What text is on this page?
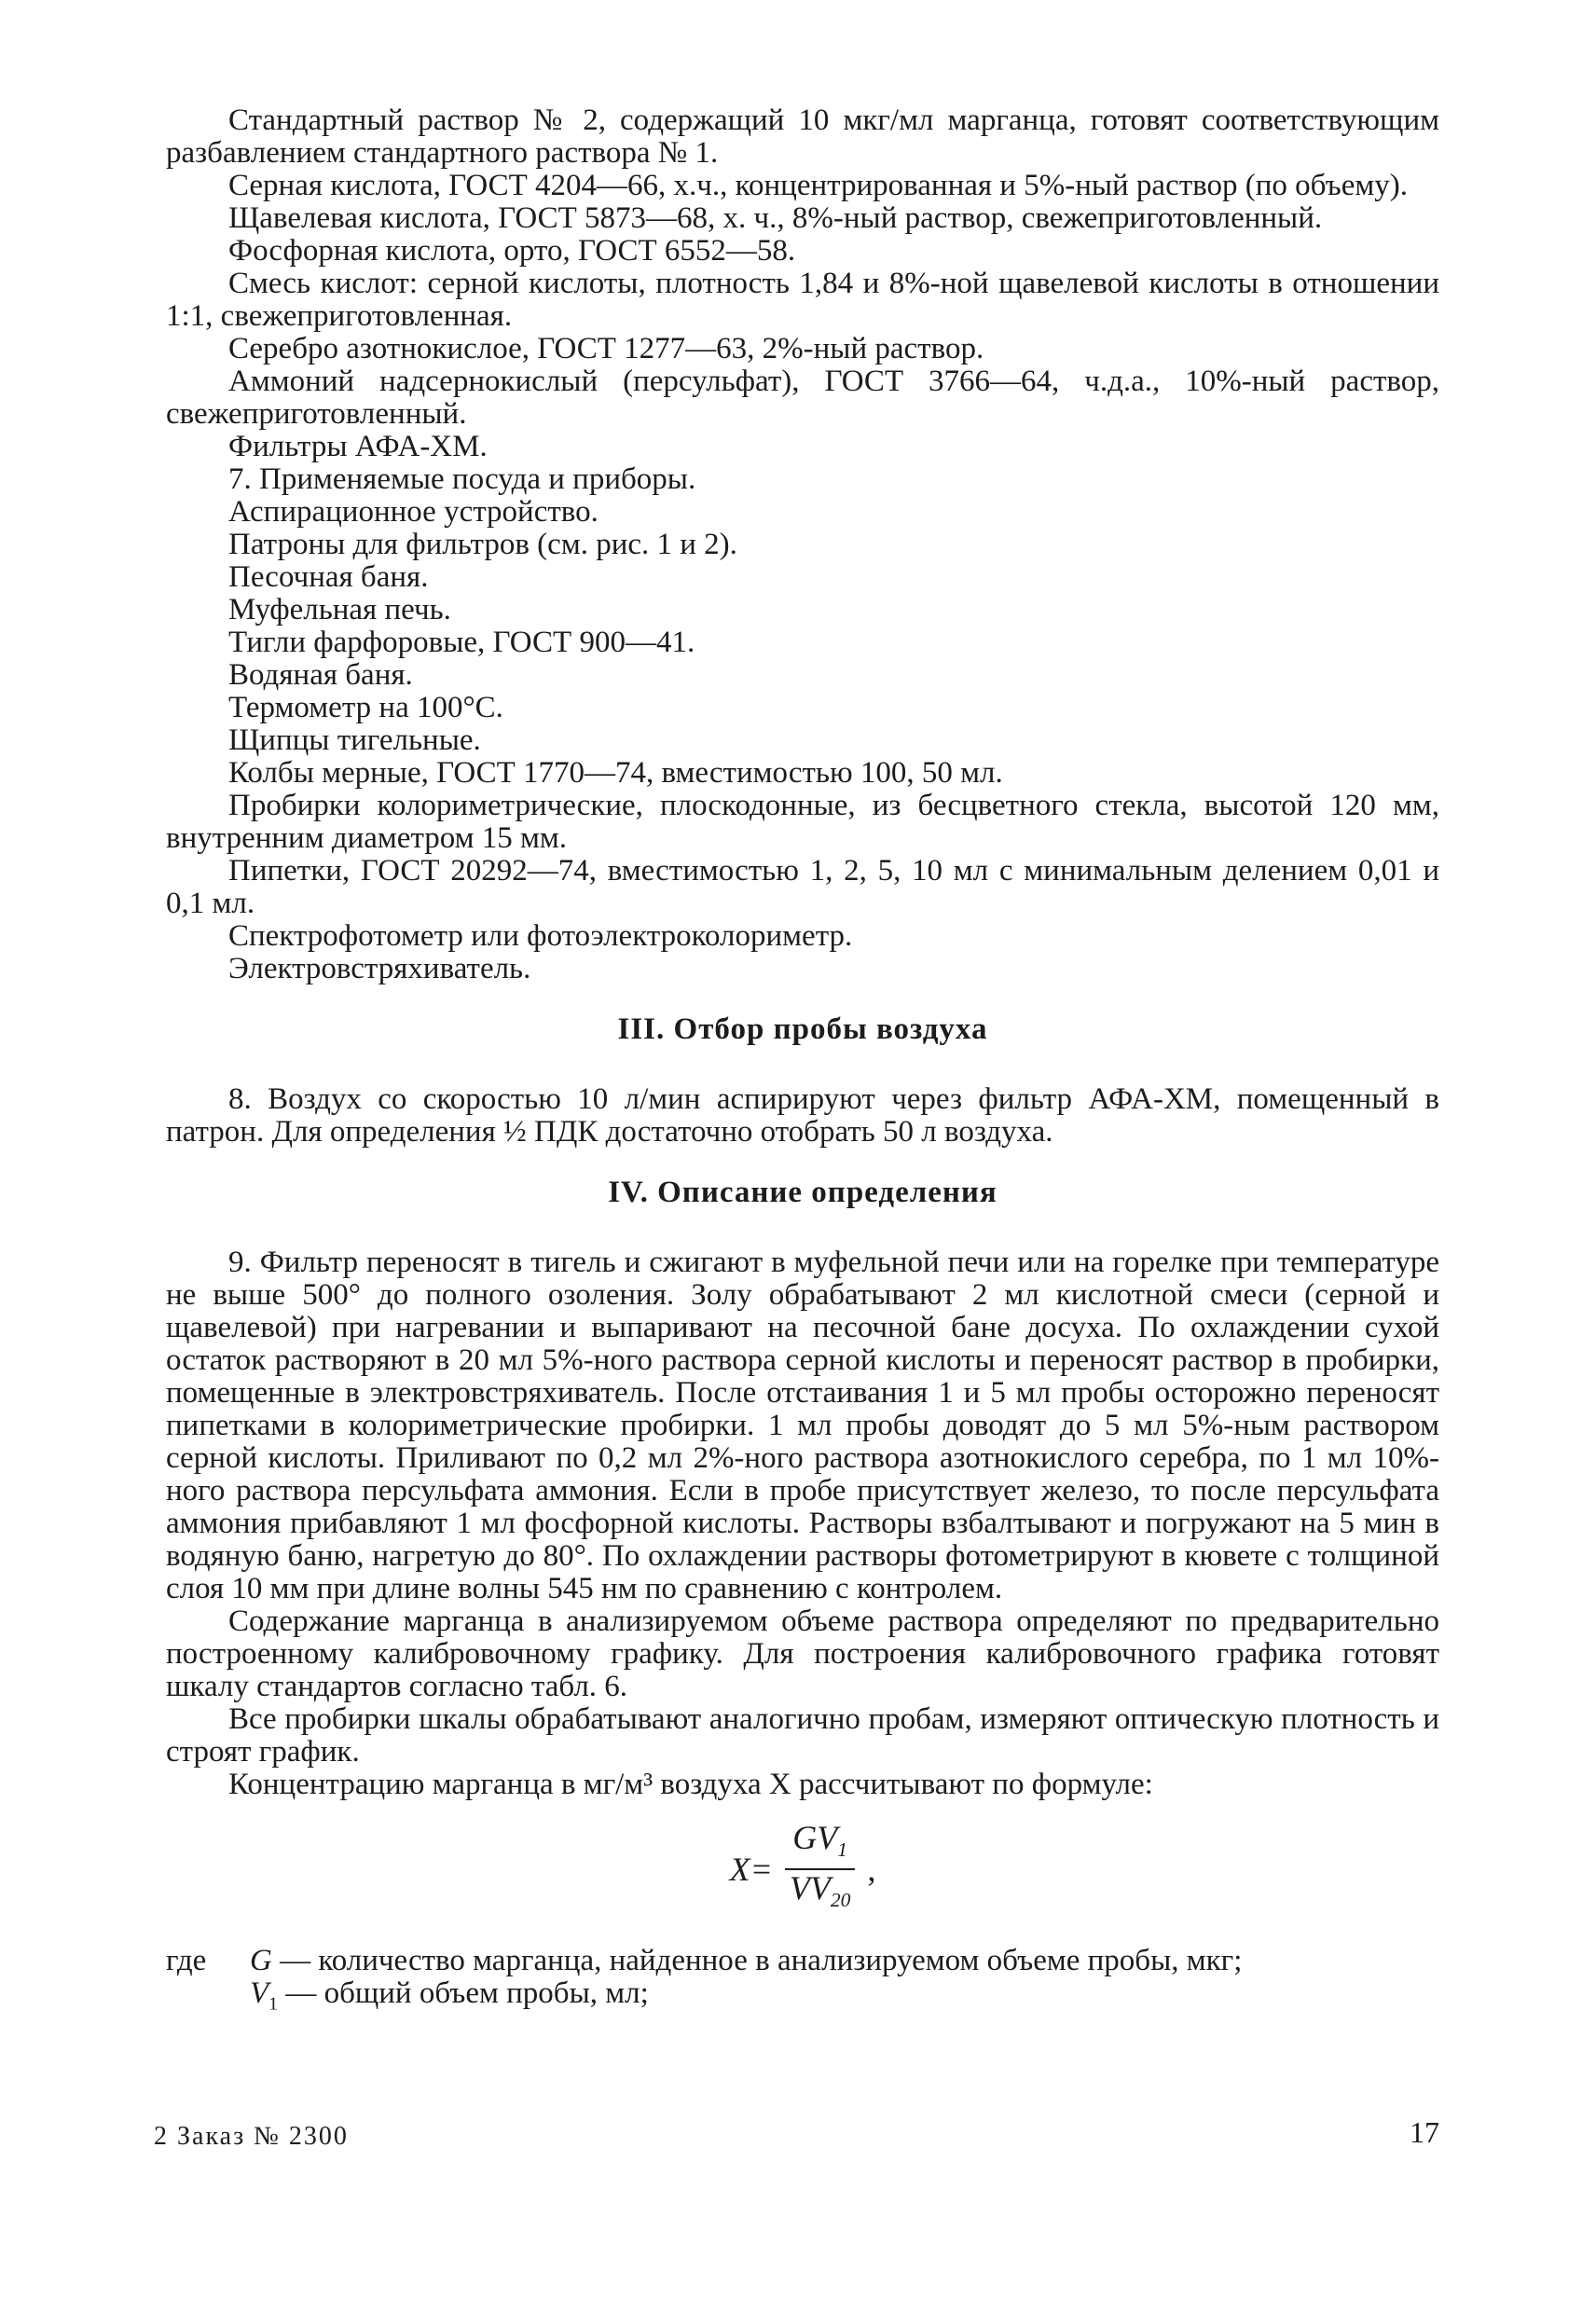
Стандартный раствор № 2, содержащий 10 мкг/мл марганца, готовят соответствующим разбавлением стандартного раствора № 1.

Серная кислота, ГОСТ 4204—66, х.ч., концентрированная и 5%-ный раствор (по объему).

Щавелевая кислота, ГОСТ 5873—68, х. ч., 8%-ный раствор, свежеприготовленный.

Фосфорная кислота, орто, ГОСТ 6552—58.

Смесь кислот: серной кислоты, плотность 1,84 и 8%-ной щавелевой кислоты в отношении 1:1, свежеприготовленная.

Серебро азотнокислое, ГОСТ 1277—63, 2%-ный раствор.

Аммоний надсернокислый (персульфат), ГОСТ 3766—64, ч.д.а., 10%-ный раствор, свежеприготовленный.

Фильтры АФА-ХМ.

7. Применяемые посуда и приборы.

Аспирационное устройство.

Патроны для фильтров (см. рис. 1 и 2).

Песочная баня.

Муфельная печь.

Тигли фарфоровые, ГОСТ 900—41.

Водяная баня.

Термометр на 100°С.

Щипцы тигельные.

Колбы мерные, ГОСТ 1770—74, вместимостью 100, 50 мл.

Пробирки колориметрические, плоскодонные, из бесцветного стекла, высотой 120 мм, внутренним диаметром 15 мм.

Пипетки, ГОСТ 20292—74, вместимостью 1, 2, 5, 10 мл с минимальным делением 0,01 и 0,1 мл.

Спектрофотометр или фотоэлектроколориметр.

Электровстряхиватель.

III. Отбор пробы воздуха

8. Воздух со скоростью 10 л/мин аспирируют через фильтр АФА-ХМ, помещенный в патрон. Для определения ½ ПДК достаточно отобрать 50 л воздуха.

IV. Описание определения

9. Фильтр переносят в тигель и сжигают в муфельной печи или на горелке при температуре не выше 500° до полного озоления. Золу обрабатывают 2 мл кислотной смеси (серной и щавелевой) при нагревании и выпаривают на песочной бане досуха. По охлаждении сухой остаток растворяют в 20 мл 5%-ного раствора серной кислоты и переносят раствор в пробирки, помещенные в электровстряхиватель. После отстаивания 1 и 5 мл пробы осторожно переносят пипетками в колориметрические пробирки. 1 мл пробы доводят до 5 мл 5%-ным раствором серной кислоты. Приливают по 0,2 мл 2%-ного раствора азотнокислого серебра, по 1 мл 10%-ного раствора персульфата аммония. Если в пробе присутствует железо, то после персульфата аммония прибавляют 1 мл фосфорной кислоты. Растворы взбалтывают и погружают на 5 мин в водяную баню, нагретую до 80°. По охлаждении растворы фотометрируют в кювете с толщиной слоя 10 мм при длине волны 545 нм по сравнению с контролем.

Содержание марганца в анализируемом объеме раствора определяют по предварительно построенному калибровочному графику. Для построения калибровочного графика готовят шкалу стандартов согласно табл. 6.

Все пробирки шкалы обрабатывают аналогично пробам, измеряют оптическую плотность и строят график.

Концентрацию марганца в мг/м³ воздуха X рассчитывают по формуле:

$X= \frac{GV_1}{VV_{20}}$ ,
где	G — количество марганца, найденное в анализируемом объеме пробы, мкг;
$V_1$ — общий объем пробы, мл;
2 Заказ № 2300	17
